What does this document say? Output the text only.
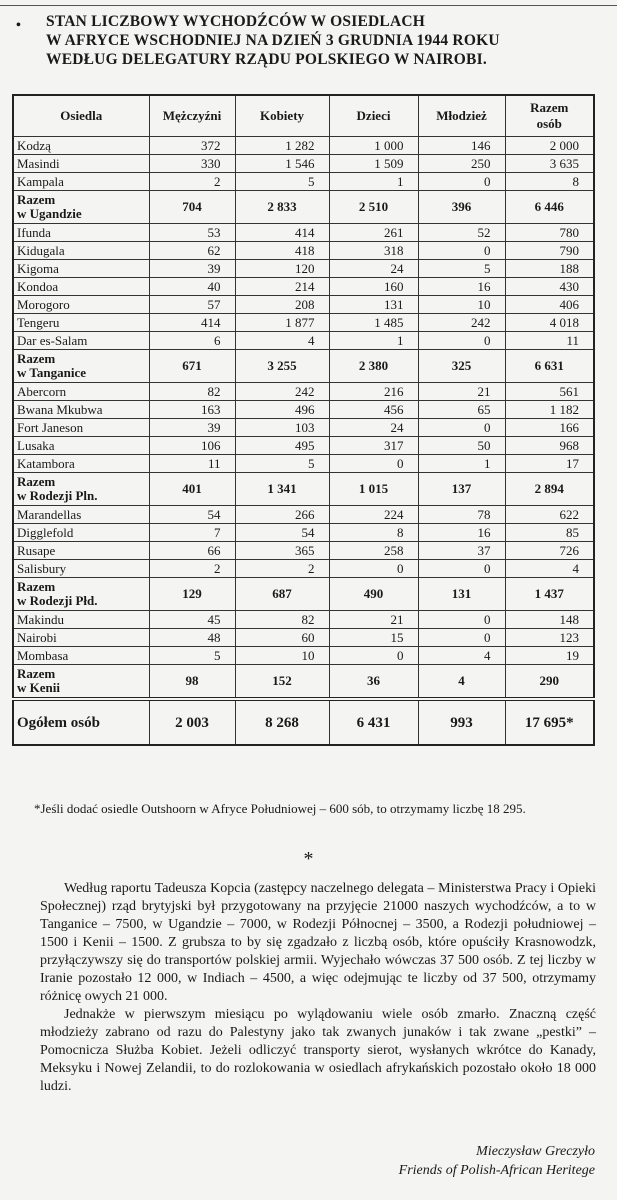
• STAN LICZBOWY WYCHODŹCÓW W OSIEDLACH
W AFRYCE WSCHODNIEJ NA DZIEŃ 3 GRUDNIA 1944 ROKU
WEDŁUG DELEGATURY RZĄDU POLSKIEGO W NAIROBI.
Osiedla	Mężczyźni	Kobiety	Dzieci	Młodzież	Razem
osób
Kodzą	372	1 282	1 000	146	2 000
Masindi	330	1 546	1 509	250	3 635
Kampala	2	5	1	0	8
Razem
w Ugandzie	704	2 833	2 510	396	6 446
Ifunda	53	414	261	52	780
Kidugala	62	418	318	0	790
Kigoma	39	120	24	5	188
Kondoa	40	214	160	16	430
Morogoro	57	208	131	10	406
Tengeru	414	1 877	1 485	242	4 018
Dar es-Salam	6	4	1	0	11
Razem
w Tanganice	671	3 255	2 380	325	6 631
Abercorn	82	242	216	21	561
Bwana Mkubwa	163	496	456	65	1 182
Fort Janeson	39	103	24	0	166
Lusaka	106	495	317	50	968
Katambora	11	5	0	1	17
Razem
w Rodezji Pln.	401	1 341	1 015	137	2 894
Marandellas	54	266	224	78	622
Digglefold	7	54	8	16	85
Rusape	66	365	258	37	726
Salisbury	2	2	0	0	4
Razem
w Rodezji Płd.	129	687	490	131	1 437
Makindu	45	82	21	0	148
Nairobi	48	60	15	0	123
Mombasa	5	10	0	4	19
Razem
w Kenii	98	152	36	4	290
Ogółem osób	2 003	8 268	6 431	993	17 695*
*Jeśli dodać osiedle Outshoorn w Afryce Południowej – 600 sób, to otrzymamy liczbę 18 295.
*

Według raportu Tadeusza Kopcia (zastępcy naczelnego delegata – Ministerstwa Pracy i Opieki Społecznej) rząd brytyjski był przygotowany na przyjęcie 21000 naszych wychodźców, a to w Tanganice – 7500, w Ugandzie – 7000, w Rodezji Północnej – 3500, a Rodezji południowej – 1500 i Kenii – 1500. Z grubsza to by się zgadzało z liczbą osób, które opuściły Krasnowodzk, przyłączywszy się do transportów polskiej armii. Wyjechało wówczas 37 500 osób. Z tej liczby w Iranie pozostało 12 000, w Indiach – 4500, a więc odejmując te liczby od 37 500, otrzymamy różnicę owych 21 000.

Jednakże w pierwszym miesiącu po wylądowaniu wiele osób zmarło. Znaczną część młodzieży zabrano od razu do Palestyny jako tak zwanych junaków i tak zwane „pestki” – Pomocnicza Służba Kobiet. Jeżeli odliczyć transporty sierot, wysłanych wkrótce do Kanady, Meksyku i Nowej Zelandii, to do rozlokowania w osiedlach afrykańskich pozostało około 18 000 ludzi.

Mieczysław Greczyło
Friends of Polish-African Heritege
